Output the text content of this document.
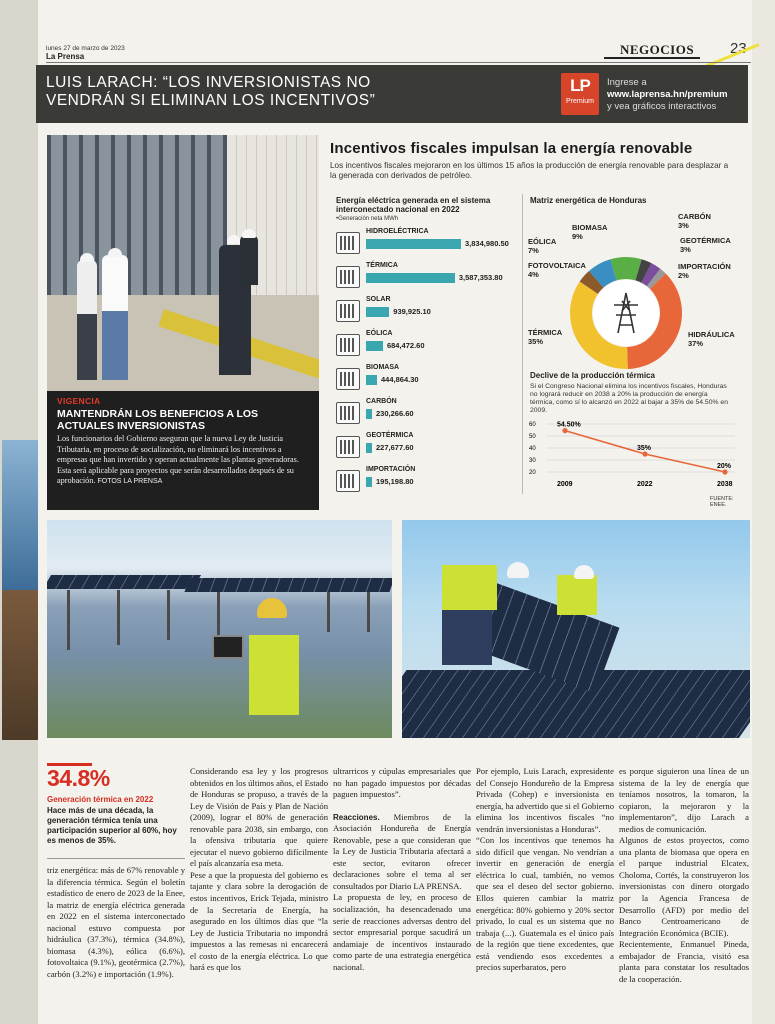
lunes 27 de marzo de 2023
La Prensa	NEGOCIOS 23
LUIS LARACH: “LOS INVERSIONISTAS NO VENDRÁN SI ELIMINAN LOS INCENTIVOS”
LP
Premium
Ingrese a
www.laprensa.hn/premium
y vea gráficos interactivos
VIGENCIA
MANTENDRÁN LOS BENEFICIOS A LOS ACTUALES INVERSIONISTAS
Los funcionarios del Gobierno aseguran que la nueva Ley de Justicia Tributaria, en proceso de socialización, no eliminará los incentivos a empresas que han invertido y operan actualmente las plantas generadoras. Esta será aplicable para proyectos que serán desarrollados después de su aprobación. FOTOS LA PRENSA
Incentivos fiscales impulsan la energía renovable
Los incentivos fiscales mejoraron en los últimos 15 años la producción de energía renovable para desplazar a la generada con derivados de petróleo.
Energía eléctrica generada en el sistema interconectado nacional en 2022
•Generación neta MWh
HIDROELÉCTRICA
3,834,980.50
TÉRMICA
3,587,353.80
SOLAR
939,925.10
EÓLICA
684,472.60
BIOMASA
444,864.30
CARBÓN
230,266.60
GEOTÉRMICA
227,677.60
IMPORTACIÓN
195,198.80
Matriz energética de Honduras
HIDRÁULICA
37%
TÉRMICA
35%
FOTOVOLTAICA
4%
EÓLICA
7%
BIOMASA
9%
CARBÓN
3%
GEOTÉRMICA
3%
IMPORTACIÓN
2%
Declive de la producción térmica
Si el Congreso Nacional elimina los incentivos fiscales, Honduras no logrará reducir en 2038 a 20% la producción de energía térmica, como sí lo alcanzó en 2022 al bajar a 35% de 54.50% en 2009.
60
50
40
30
20
54.50%
2009
35%
2022
20%
2038
FUENTE: ENEE.
34.8%
Generación térmica en 2022
Hace más de una década, la generación térmica tenía una participación superior al 60%, hoy es menos de 35%.

triz energética: más de 67% renovable y la diferencia térmica. Según el boletín estadístico de enero de 2023 de la Enee, la matriz de energía eléctrica generada en 2022 en el sistema interconectado nacional estuvo compuesta por hidráulica (37.3%), térmica (34.8%), biomasa (4.3%), eólica (6.6%), fotovoltaica (9.1%), geotérmica (2.7%), carbón (3.2%) e importación (1.9%).

Considerando esa ley y los progresos obtenidos en los últimos años, el Estado de Honduras se propuso, a través de la Ley de Visión de País y Plan de Nación (2009), lograr el 80% de generación renovable para 2038, sin embargo, con la ofensiva tributaria que quiere ejecutar el nuevo gobierno difícilmente el país alcanzaría esa meta.

Pese a que la propuesta del gobierno es tajante y clara sobre la derogación de estos incentivos, Erick Tejada, ministro de la Secretaría de Energía, ha asegurado en los últimos días que “la Ley de Justicia Tributaria no impondrá impuestos a las remesas ni encarecerá el costo de la energía eléctrica. Lo que hará es que los

ultrarricos y cúpulas empresariales que no han pagado impuestos por décadas paguen impuestos”.

Reacciones. Miembros de la Asociación Hondureña de Energía Renovable, pese a que consideran que la Ley de Justicia Tributaria afectará a este sector, evitaron ofrecer declaraciones sobre el tema al ser consultados por Diario LA PRENSA.

La propuesta de ley, en proceso de socialización, ha desencadenado una serie de reacciones adversas dentro del sector empresarial porque sacudirá un andamiaje de incentivos instaurado como parte de una estrategia energética nacional.

Por ejemplo, Luis Larach, expresidente del Consejo Hondureño de la Empresa Privada (Cohep) e inversionista en energía, ha advertido que si el Gobierno elimina los incentivos fiscales “no vendrán inversionistas a Honduras”.

“Con los incentivos que tenemos ha sido difícil que vengan. No vendrían a invertir en generación de energía eléctrica lo cual, también, no vemos que sea el deseo del sector gobierno. Ellos quieren cambiar la matriz energética: 80% gobierno y 20% sector privado, lo cual es un sistema que no trabaja (...). Guatemala es el único país de la región que tiene excedentes, que está vendiendo esos excedentes a precios superbaratos, pero

es porque siguieron una línea de un sistema de la ley de energía que teníamos nosotros, la tomaron, la copiaron, la mejoraron y la implementaron”, dijo Larach a medios de comunicación.

Algunos de estos proyectos, como una planta de biomasa que opera en el parque industrial Elcatex, Choloma, Cortés, la construyeron los inversionistas con dinero otorgado por la Agencia Francesa de Desarrollo (AFD) por medio del Banco Centroamericano de Integración Económica (BCIE).

Recientemente, Enmanuel Pineda, embajador de Francia, visitó esa planta para constatar los resultados de la cooperación.
